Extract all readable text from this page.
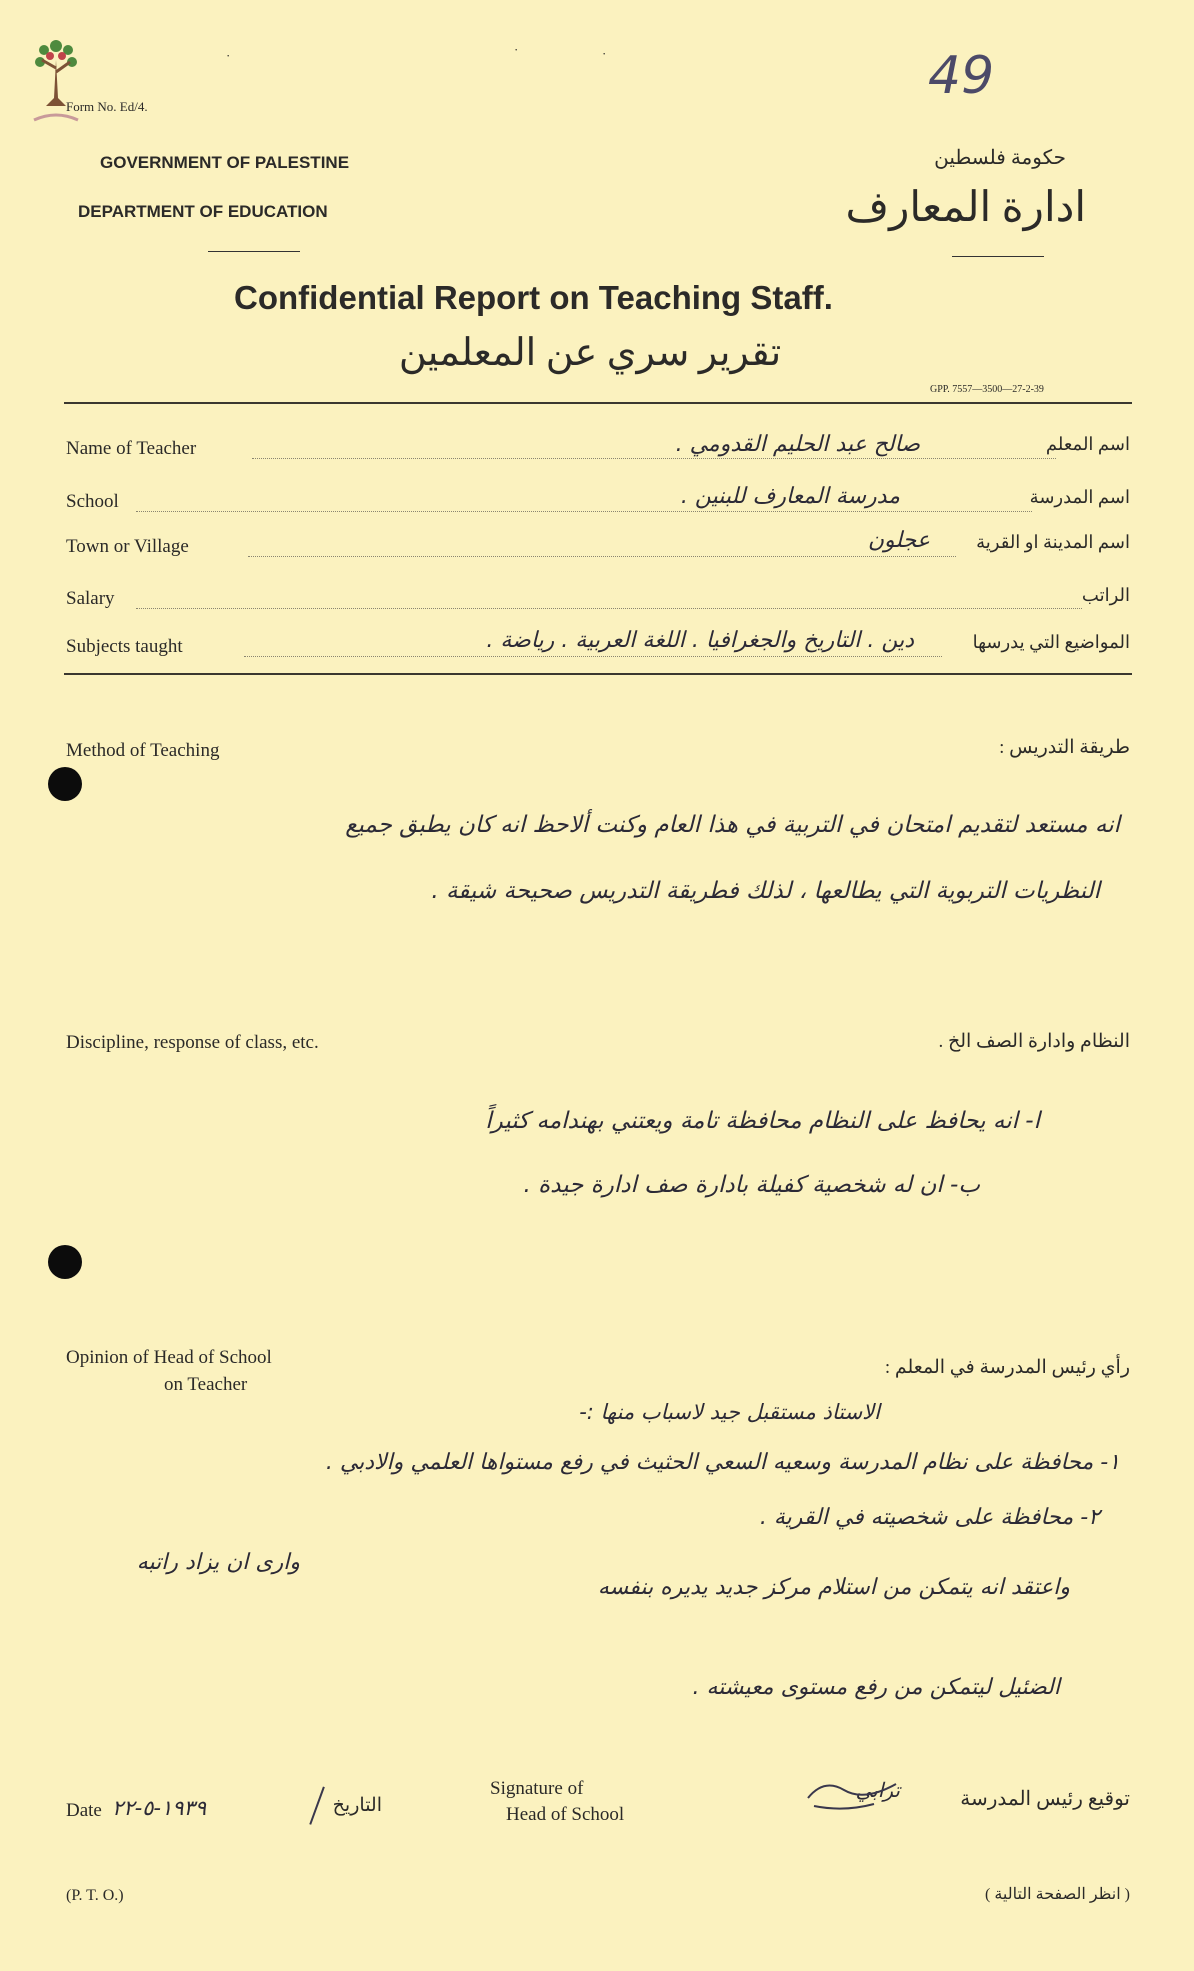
Form No. Ed/4.
49
GOVERNMENT OF PALESTINE
DEPARTMENT OF EDUCATION
حكومة فلسطين
ادارة المعارف
Confidential Report on Teaching Staff.
تقرير سري عن المعلمين
GPP. 7557—3500—27-2-39
Name of Teacher	صالح عبد الحليم القدومي .	اسم المعلم
School	مدرسة المعارف للبنين .	اسم المدرسة
Town or Village	عجلون	اسم المدينة او القرية
Salary	الراتب
Subjects taught	دين . التاريخ والجغرافيا . اللغة العربية . رياضة .	المواضيع التي يدرسها
Method of Teaching	طريقة التدريس :
انه مستعد لتقديم امتحان في التربية في هذا العام وكنت ألاحظ انه كان يطبق جميع
النظريات التربوية التي يطالعها ، لذلك فطريقة التدريس صحيحة شيقة .
Discipline, response of class, etc.	النظام وادارة الصف الخ .
ا- انه يحافظ على النظام محافظة تامة ويعتني بهندامه كثيراً
ب- ان له شخصية كفيلة بادارة صف ادارة جيدة .
Opinion of Head of School
on Teacher
رأي رئيس المدرسة في المعلم :
الاستاذ مستقبل جيد لاسباب منها :-
١- محافظة على نظام المدرسة وسعيه السعي الحثيث في رفع مستواها العلمي والادبي .
٢- محافظة على شخصيته في القرية .
وارى ان يزاد راتبه
واعتقد انه يتمكن من استلام مركز جديد يديره بنفسه
الضئيل ليتمكن من رفع مستوى معيشته .
Date ١٩٣٩-٥-٢٢	التاريخ
Signature of
Head of School
ترابي	توقيع رئيس المدرسة
(P. T. O.)	( انظر الصفحة التالية )
·	·	·
